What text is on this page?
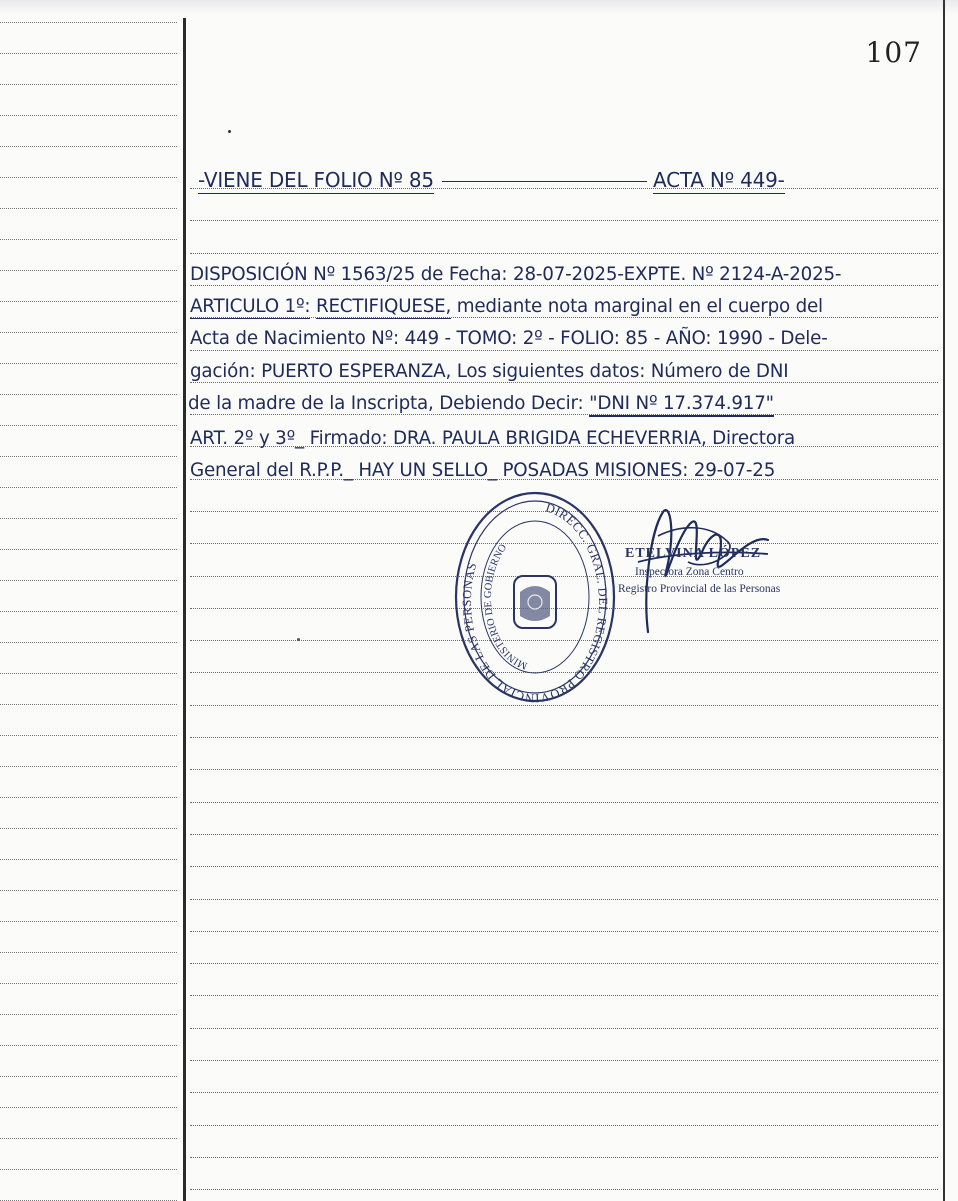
107
-VIENE DEL FOLIO Nº 85	ACTA Nº 449-
DISPOSICIÓN Nº 1563/25 de Fecha: 28-07-2025-EXPTE. Nº 2124-A-2025-
ARTICULO 1º: RECTIFIQUESE, mediante nota marginal en el cuerpo del
Acta de Nacimiento Nº: 449 - TOMO: 2º - FOLIO: 85 - AÑO: 1990 - Dele-
gación: PUERTO ESPERANZA, Los siguientes datos: Número de DNI
de la madre de la Inscripta, Debiendo Decir: "DNI Nº 17.374.917"
ART. 2º y 3º_ Firmado: DRA. PAULA BRIGIDA ECHEVERRIA, Directora
General del R.P.P._ HAY UN SELLO_ POSADAS MISIONES: 29-07-25
DIRECC. GRAL. DEL REGISTRO PROVINCIAL DE LAS PERSONAS
MINISTERIO DE GOBIERNO	ETELVINA LÓPEZ
Inspectora Zona Centro
Registro Provincial de las Personas
